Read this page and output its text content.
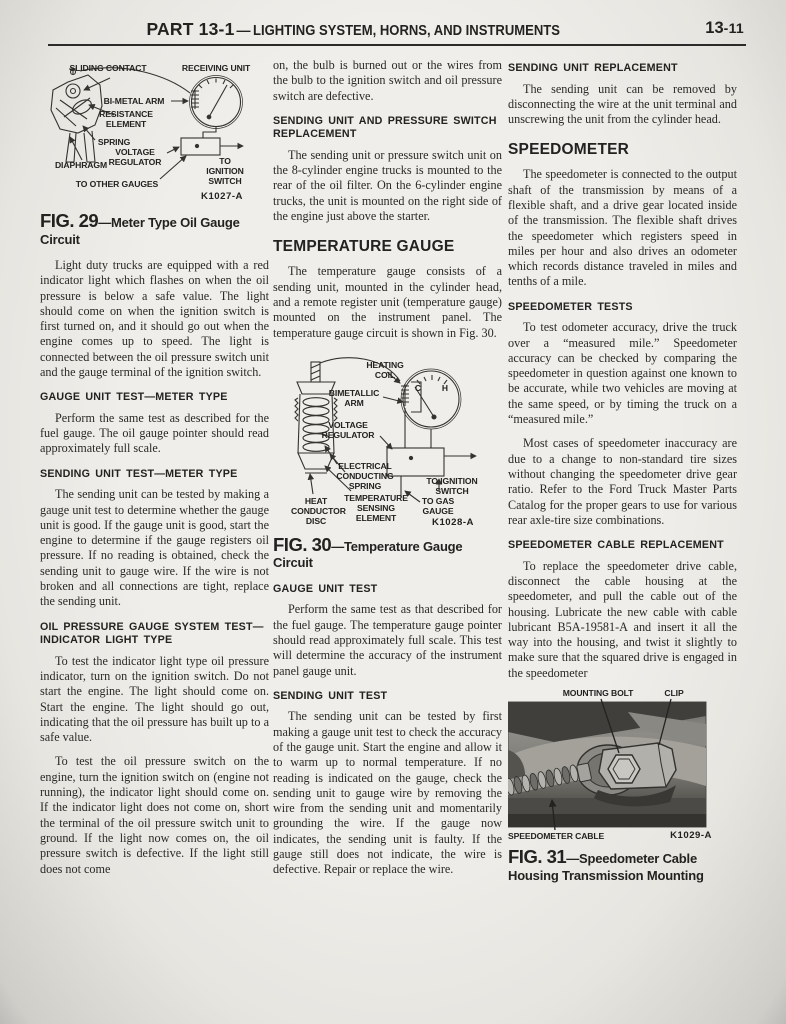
PART 13-1 — LIGHTING SYSTEM, HORNS, AND INSTRUMENTS	13-11
SLIDING CONTACT	RECEIVING UNIT
BI-METAL ARM
RESISTANCE ELEMENT
SPRING
VOLTAGE REGULATOR
DIAPHRAGM
TO OTHER GAUGES
TO IGNITION SWITCH
K1027-A
FIG. 29—Meter Type Oil Gauge Circuit

Light duty trucks are equipped with a red indicator light which flashes on when the oil pressure is below a safe value. The light should come on when the ignition switch is first turned on, and it should go out when the engine comes up to speed. The light is connected between the oil pressure switch unit and the gauge terminal of the ignition switch.

GAUGE UNIT TEST—METER TYPE

Perform the same test as described for the fuel gauge. The oil gauge pointer should read approximately full scale.

SENDING UNIT TEST—METER TYPE

The sending unit can be tested by making a gauge unit test to determine whether the gauge unit is good. If the gauge unit is good, start the engine to determine if the gauge registers oil pressure. If no reading is obtained, check the sending unit to gauge wire. If the wire is not broken and all connections are tight, replace the sending unit.

OIL PRESSURE GAUGE SYSTEM TEST—​INDICATOR LIGHT TYPE

To test the indicator light type oil pressure indicator, turn on the ignition switch. Do not start the engine. The light should come on. Start the engine. The light should go out, indicating that the oil pressure has built up to a safe value.

To test the oil pressure switch on the engine, turn the ignition switch on (engine not running), the indicator light should come on. If the indicator light does not come on, short the terminal of the oil pressure switch unit to ground. If the light now comes on, the oil pressure switch is defective. If the light still does not come

on, the bulb is burned out or the wires from the bulb to the ignition switch and oil pressure switch are defective.

SENDING UNIT AND PRESSURE SWITCH REPLACEMENT

The sending unit or pressure switch unit on the 8-cylinder engine trucks is mounted to the rear of the oil filter. On the 6-cylinder engine trucks, the unit is mounted on the right side of the engine just above the starter.

TEMPERATURE GAUGE

The temperature gauge consists of a sending unit, mounted in the cylinder head, and a remote register unit (temperature gauge) mounted on the instrument panel. The temperature gauge circuit is shown in Fig. 30.

C H
HEATING COIL
BIMETALLIC ARM
VOLTAGE REGULATOR
ELECTRICAL CONDUCTING SPRING
HEAT CONDUCTOR DISC
TEMPERATURE SENSING ELEMENT
TO IGNITION SWITCH
TO GAS GAUGE
K1028-A
FIG. 30—Temperature Gauge Circuit
GAUGE UNIT TEST

Perform the same test as that described for the fuel gauge. The temperature gauge pointer should read approximately full scale. This test will determine the accuracy of the instrument panel gauge unit.

SENDING UNIT TEST

The sending unit can be tested by first making a gauge unit test to check the accuracy of the gauge unit. Start the engine and allow it to warm up to normal temperature. If no reading is indicated on the gauge, check the sending unit to gauge wire by removing the wire from the sending unit and momentarily grounding the wire. If the gauge now indicates, the sending unit is faulty. If the gauge still does not indicate, the wire is defective. Repair or replace the wire.

SENDING UNIT REPLACEMENT

The sending unit can be removed by disconnecting the wire at the unit terminal and unscrewing the unit from the cylinder head.

SPEEDOMETER

The speedometer is connected to the output shaft of the transmission by means of a flexible shaft, and a drive gear located inside of the transmission. The flexible shaft drives the speedometer which registers speed in miles per hour and also drives an odometer which records distance traveled in miles and tenths of a mile.

SPEEDOMETER TESTS

To test odometer accuracy, drive the truck over a “measured mile.” Speedometer accuracy can be checked by comparing the speedometer in question against one known to be accurate, while two vehicles are moving at the same speed, or by timing the truck on a “measured mile.”

Most cases of speedometer inaccuracy are due to a change to non-standard tire sizes without changing the speedometer drive gear ratio. Refer to the Ford Truck Master Parts Catalog for the proper gears to use for various rear axle-tire size combinations.

SPEEDOMETER CABLE REPLACEMENT

To replace the speedometer drive cable, disconnect the cable housing at the speedometer, and pull the cable out of the housing. Lubricate the new cable with cable lubricant B5A-19581-A and insert it all the way into the housing, and twist it slightly to make sure that the squared drive is engaged in the speedometer

MOUNTING BOLT	CLIP
SPEEDOMETER CABLE	K1029-A
FIG. 31—Speedometer Cable Housing Transmission Mounting
